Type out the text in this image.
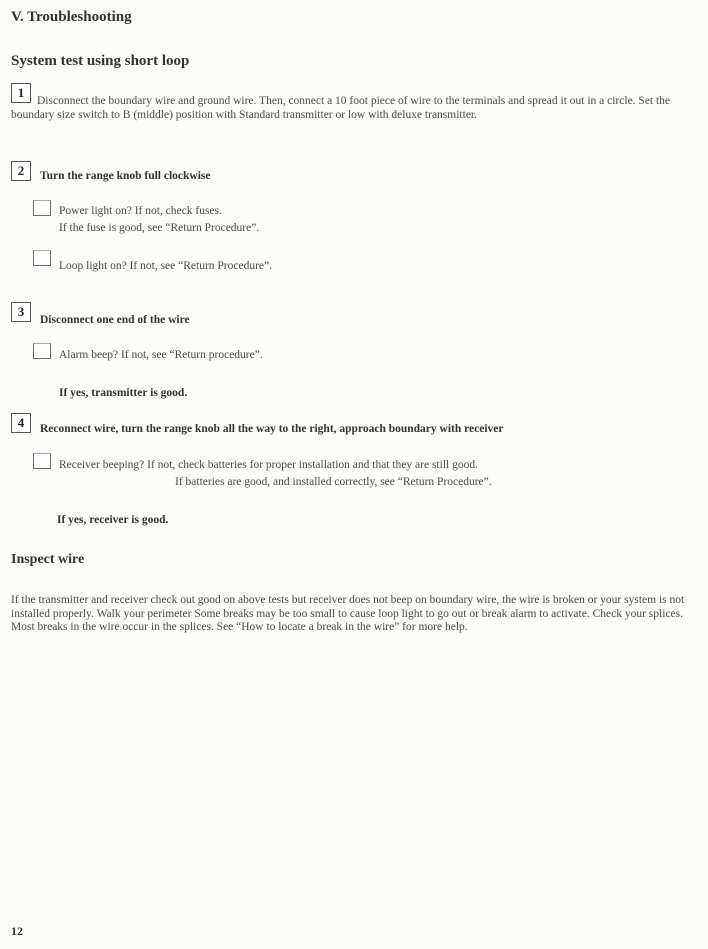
V. Troubleshooting
System test using short loop
1
Disconnect the boundary wire and ground wire. Then, connect a 10 foot piece of wire to the terminals and spread it out in a circle. Set the boundary size switch to B (middle) position with Standard transmitter or low with deluxe transmitter.
2	Turn the range knob full clockwise
Power light on? If not, check fuses.
If the fuse is good, see “Return Procedure”.
Loop light on? If not, see “Return Procedure”.
3
Disconnect one end of the wire
Alarm beep? If not, see “Return procedure”.
If yes, transmitter is good.
4	Reconnect wire, turn the range knob all the way to the right, approach boundary with receiver
Receiver beeping? If not, check batteries for proper installation and that they are still good.
If batteries are good, and installed correctly, see “Return Procedure”.
If yes, receiver is good.
Inspect wire
If the transmitter and receiver check out good on above tests but receiver does not beep on boundary wire, the wire is broken or your system is not installed properly. Walk your perimeter Some breaks may be too small to cause loop light to go out or break alarm to activate. Check your splices. Most breaks in the wire occur in the splices. See “How to locate a break in the wire” for more help.
12
